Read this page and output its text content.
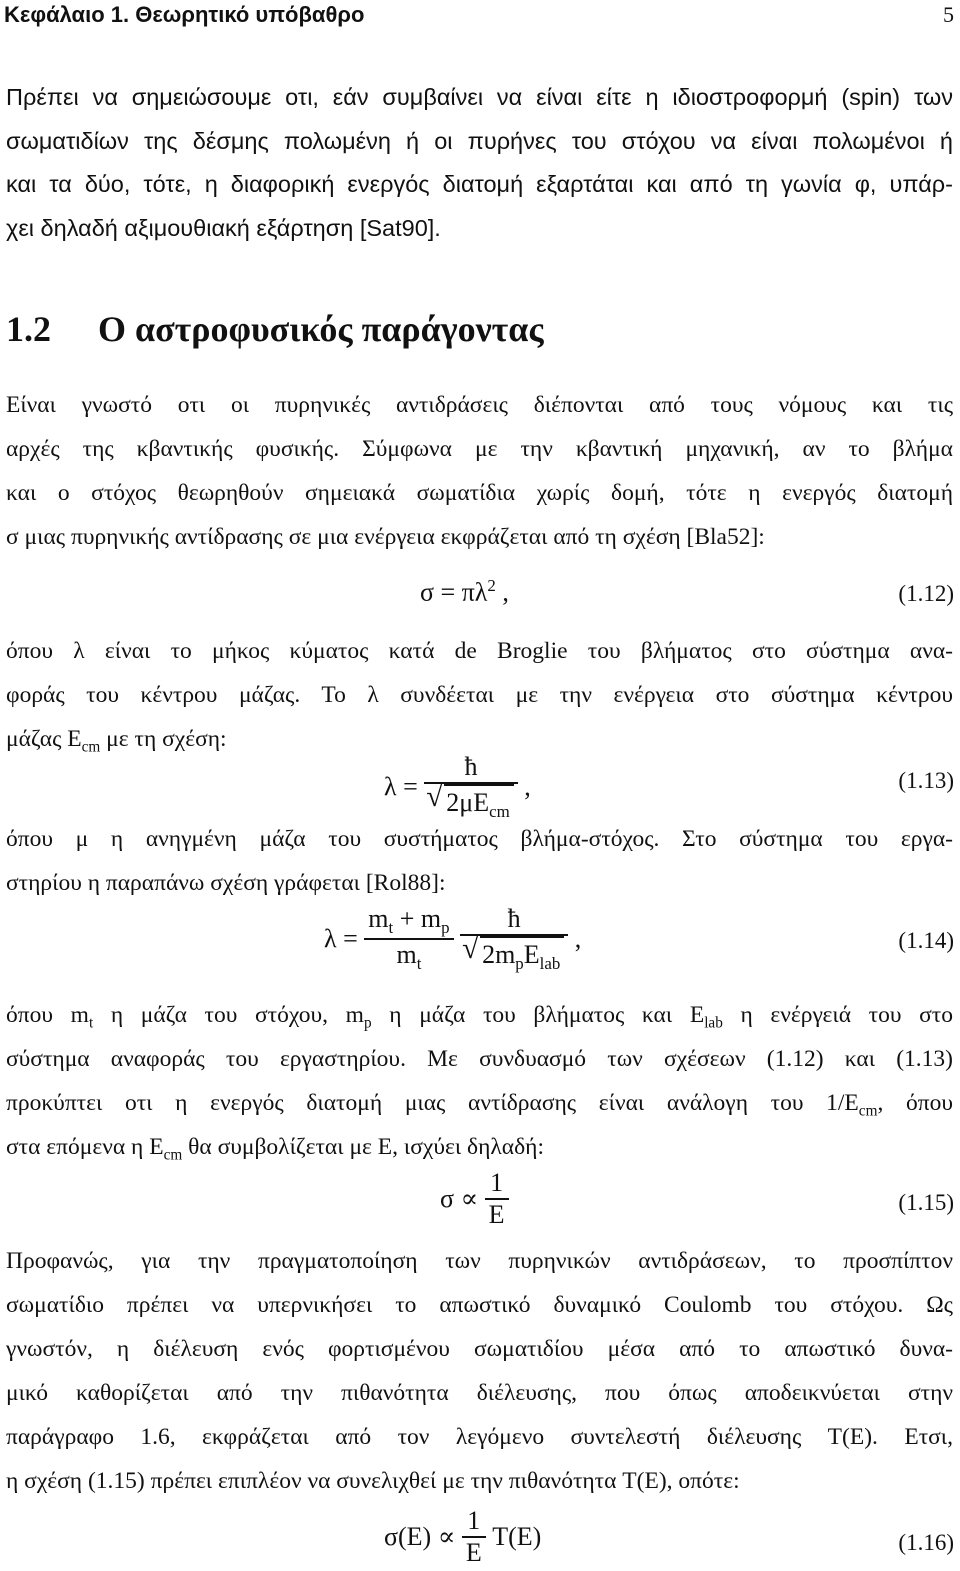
Κεφάλαιο 1. Θεωρητικό υπόβαθρο	5
Πρέπει να σημειώσουμε οτι, εάν συμβαίνει να είναι είτε η ιδιοστροφορμή (spin) των
σωματιδίων της δέσμης πολωμένη ή οι πυρήνες του στόχου να είναι πολωμένοι ή
και τα δύο, τότε, η διαφορική ενεργός διατομή εξαρτάται και από τη γωνία φ, υπάρ-
χει δηλαδή αξιμουθιακή εξάρτηση [Sat90].
1.2 Ο αστροφυσικός παράγοντας
Είναι γνωστό οτι οι πυρηνικές αντιδράσεις διέπονται από τους νόμους και τις
αρχές της κβαντικής φυσικής. Σύμφωνα με την κβαντική μηχανική, αν το βλήμα
και ο στόχος θεωρηθούν σημειακά σωματίδια χωρίς δομή, τότε η ενεργός διατομή
σ μιας πυρηνικής αντίδρασης σε μια ενέργεια εκφράζεται από τη σχέση [Bla52]:
$\sigma = \pi\lambda^2$ ,	(1.12)
όπου λ είναι το μήκος κύματος κατά de Broglie του βλήματος στο σύστημα ανα-
φοράς του κέντρου μάζας. Το λ συνδέεται με την ενέργεια στο σύστημα κέντρου
μάζας $E_{cm}$ με τη σχέση:
λ = ħ
√ $2\mu E_{cm}$ ,	(1.13)
όπου μ η ανηγμένη μάζα του συστήματος βλήμα-στόχος. Στο σύστημα του εργα-
στηρίου η παραπάνω σχέση γράφεται [Rol88]:
$\lambda = \frac{m_t + m_p}{m_t}$
ħ
√ $2m_pE_{lab}$ ,	(1.14)
όπου $m_t$ η μάζα του στόχου, $m_p$ η μάζα του βλήματος και $E_{lab}$ η ενέργειά του στο
σύστημα αναφοράς του εργαστηρίου. Με συνδυασμό των σχέσεων (1.12) και (1.13)
προκύπτει οτι η ενεργός διατομή μιας αντίδρασης είναι ανάλογη του $1/E_{cm}$, όπου
στα επόμενα η $E_{cm}$ θα συμβολίζεται με E, ισχύει δηλαδή:
$\sigma \propto \frac{1}{E}$	(1.15)
Προφανώς, για την πραγματοποίηση των πυρηνικών αντιδράσεων, το προσπίπτον
σωματίδιο πρέπει να υπερνικήσει το απωστικό δυναμικό Coulomb του στόχου. Ως
γνωστόν, η διέλευση ενός φορτισμένου σωματιδίου μέσα από το απωστικό δυνα-
μικό καθορίζεται από την πιθανότητα διέλευσης, που όπως αποδεικνύεται στην
παράγραφο 1.6, εκφράζεται από τον λεγόμενο συντελεστή διέλευσης T(E). Ετσι,
η σχέση (1.15) πρέπει επιπλέον να συνελιχθεί με την πιθανότητα T(E), οπότε:
$\sigma(E) \propto \frac{1}{E} T(E)$	(1.16)
